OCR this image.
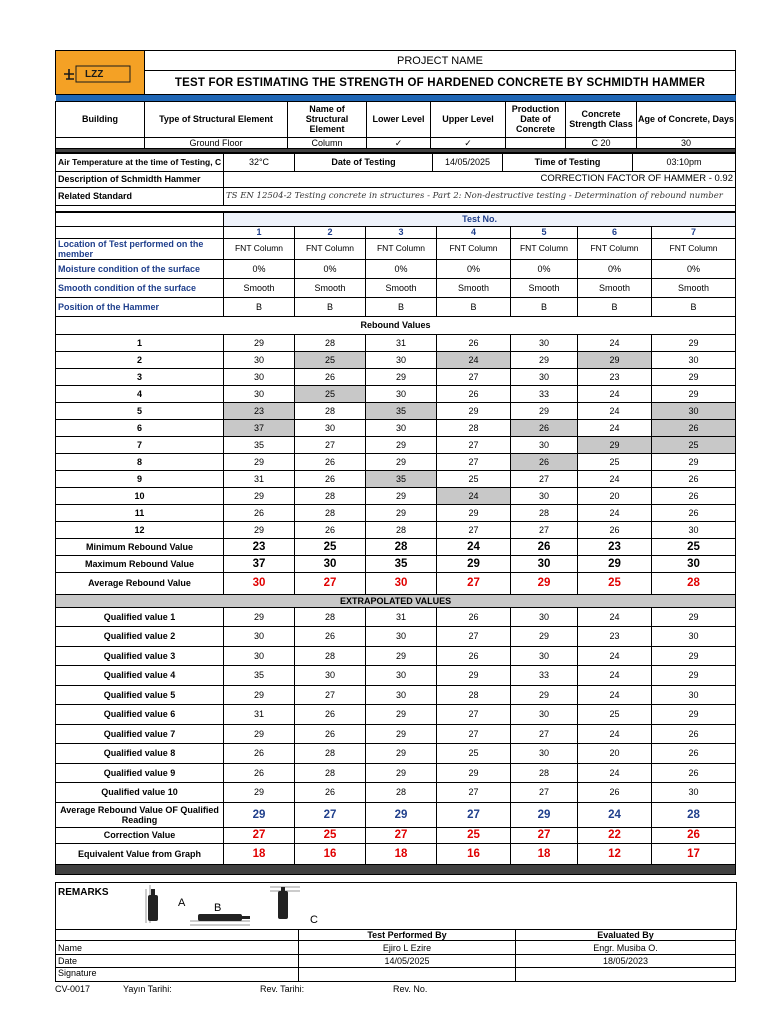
LZZ
	PROJECT NAME
TEST FOR ESTIMATING THE STRENGTH OF HARDENED CONCRETE BY SCHMIDTH HAMMER

Building	Type of Structural Element	Name of Structural Element	Lower Level	Upper Level	Production Date of Concrete	Concrete Strength Class	Age of Concrete, Days
	Ground Floor	Column	✓	✓		C 20	30

Air Temperature at the time of Testing, C	32°C	Date of Testing	14/05/2025	Time of Testing	03:10pm
Description of Schmidth Hammer	CORRECTION FACTOR OF HAMMER - 0.92				
Related Standard	TS EN 12504-2 Testing concrete in structures - Part 2: Non-destructive testing - Determination of rebound number				

	Test No.						
	1	2	3	4	5	6	7
Location of Test performed on the member	FNT Column	FNT Column	FNT Column	FNT Column	FNT Column	FNT Column	FNT Column
Moisture condition of the surface	0%	0%	0%	0%	0%	0%	0%
Smooth condition of the surface	Smooth	Smooth	Smooth	Smooth	Smooth	Smooth	Smooth
Position of the Hammer	B	B	B	B	B	B	B
Rebound Values							
1	29	28	31	26	30	24	29
2	30	25	30	24	29	29	30
3	30	26	29	27	30	23	29
4	30	25	30	26	33	24	29
5	23	28	35	29	29	24	30
6	37	30	30	28	26	24	26
7	35	27	29	27	30	29	25
8	29	26	29	27	26	25	29
9	31	26	35	25	27	24	26
10	29	28	29	24	30	20	26
11	26	28	29	29	28	24	26
12	29	26	28	27	27	26	30
Minimum Rebound Value	23	25	28	24	26	23	25
Maximum Rebound Value	37	30	35	29	30	29	30
Average Rebound Value	30	27	30	27	29	25	28
EXTRAPOLATED VALUES							
Qualified value 1	29	28	31	26	30	24	29
Qualified value 2	30	26	30	27	29	23	30
Qualified value 3	30	28	29	26	30	24	29
Qualified value 4	35	30	30	29	33	24	29
Qualified value 5	29	27	30	28	29	24	30
Qualified value 6	31	26	29	27	30	25	29
Qualified value 7	29	26	29	27	27	24	26
Qualified value 8	26	28	29	25	30	20	26
Qualified value 9	26	28	29	29	28	24	26
Qualified value 10	29	26	28	27	27	26	30
Average Rebound Value OF Qualified Reading	29	27	29	27	29	24	28
Correction Value	27	25	27	25	27	22	26
Equivalent Value from Graph	18	16	18	16	18	12	17

REMARKS
A	B
C
	Test Performed By	Evaluated By
Name	Ejiro L Ezire	Engr. Musiba O.
Date	14/05/2025	18/05/2023
Signature		
CV-0017	Yayın Tarihi:	Rev. Tarihi:	Rev. No.
